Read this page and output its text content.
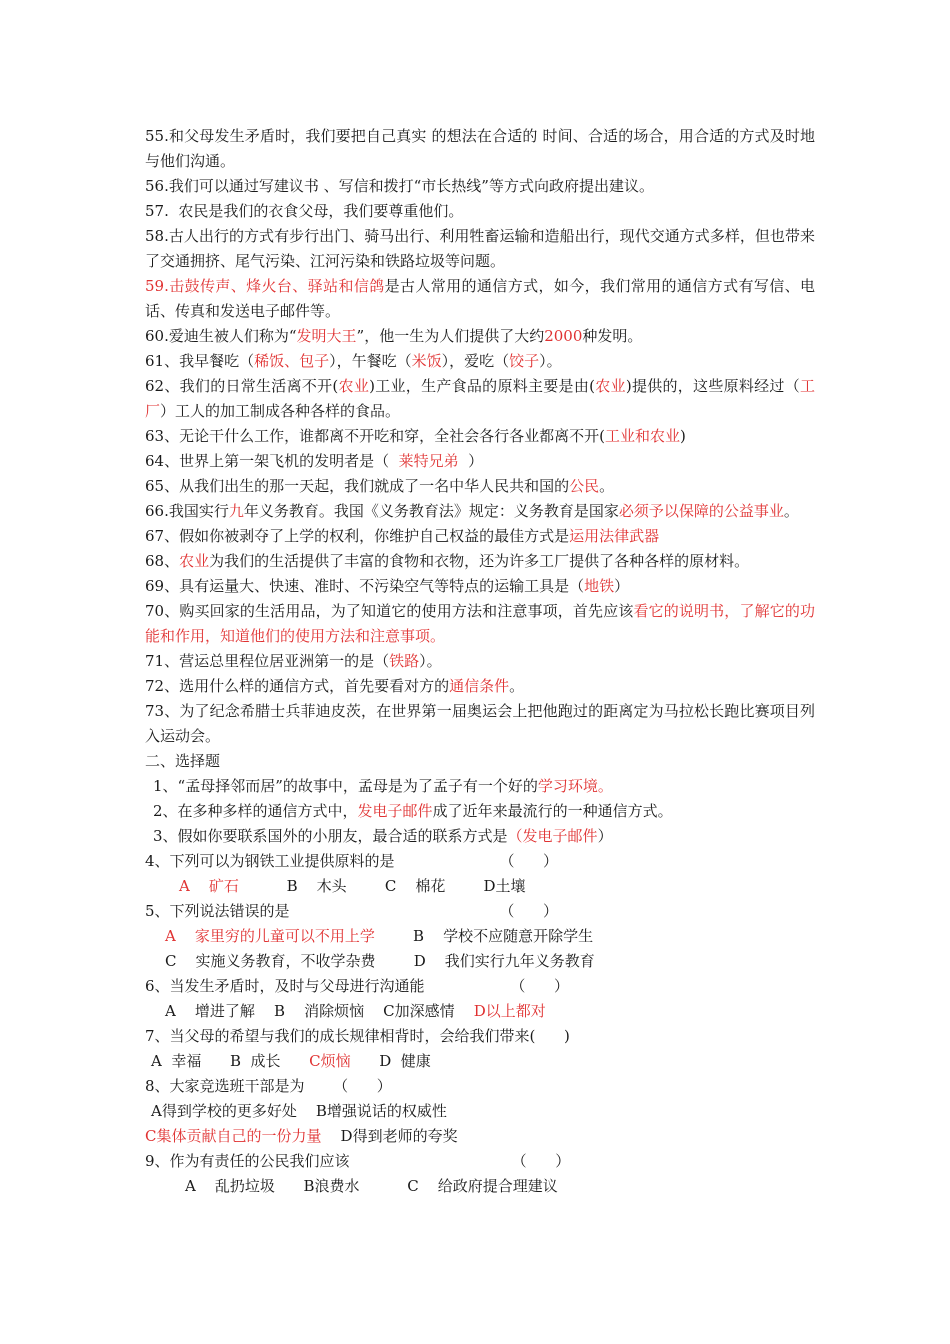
55.和父母发生矛盾时，我们要把自己真实 的想法在合适的 时间、合适的场合，用合适的方式及时地与他们沟通。
56.我们可以通过写建议书 、写信和拨打“市长热线”等方式向政府提出建议。
57.  农民是我们的衣食父母，我们要尊重他们。
58.古人出行的方式有步行出门、骑马出行、利用牲畜运输和造船出行，现代交通方式多样，但也带来了交通拥挤、尾气污染、江河污染和铁路垃圾等问题。
59.击鼓传声、烽火台、驿站和信鸽是古人常用的通信方式，如今，我们常用的通信方式有写信、电话、传真和发送电子邮件等。
60.爱迪生被人们称为“发明大王”，他一生为人们提供了大约2000种发明。
61、我早餐吃（稀饭、包子），午餐吃（米饭），爱吃（饺子）。
62、我们的日常生活离不开(农业)工业，生产食品的原料主要是由(农业)提供的，这些原料经过（工厂）工人的加工制成各种各样的食品。
63、无论干什么工作，谁都离不开吃和穿，全社会各行各业都离不开(工业和农业)
64、世界上第一架飞机的发明者是（  莱特兄弟  ）
65、从我们出生的那一天起，我们就成了一名中华人民共和国的公民。
66.我国实行九年义务教育。我国《义务教育法》规定：义务教育是国家必须予以保障的公益事业。
67、假如你被剥夺了上学的权利，你维护自己权益的最佳方式是运用法律武器
68、农业为我们的生活提供了丰富的食物和衣物，还为许多工厂提供了各种各样的原材料。
69、具有运量大、快速、准时、不污染空气等特点的运输工具是（地铁）
70、购买回家的生活用品，为了知道它的使用方法和注意事项，首先应该看它的说明书，了解它的功能和作用，知道他们的使用方法和注意事项。
71、营运总里程位居亚洲第一的是（铁路）。
72、选用什么样的通信方式，首先要看对方的通信条件。
73、为了纪念希腊士兵菲迪皮茨，在世界第一届奥运会上把他跑过的距离定为马拉松长跑比赛项目列入运动会。
二、选择题
1、“孟母择邻而居”的故事中，孟母是为了孟子有一个好的学习环境。
2、在多种多样的通信方式中，发电子邮件成了近年来最流行的一种通信方式。
3、假如你要联系国外的小朋友，最合适的联系方式是（发电子邮件）
4、下列可以为钢铁工业提供原料的是                      （      ）
A    矿石          B    木头        C    棉花        D土壤
5、下列说法错误的是                                            （      ）
A    家里穷的儿童可以不用上学        B    学校不应随意开除学生
C    实施义务教育，不收学杂费        D    我们实行九年义务教育
6、当发生矛盾时，及时与父母进行沟通能                  （      ）
A    增进了解    B    消除烦恼    C加深感情    D以上都对
7、当父母的希望与我们的成长规律相背时，会给我们带来(      )
A  幸福      B  成长      C烦恼      D  健康
8、大家竞选班干部是为      （      ）
A得到学校的更多好处    B增强说话的权威性
C集体贡献自己的一份力量    D得到老师的夸奖
9、作为有责任的公民我们应该                                  （      ）
A    乱扔垃圾      B浪费水          C    给政府提合理建议
